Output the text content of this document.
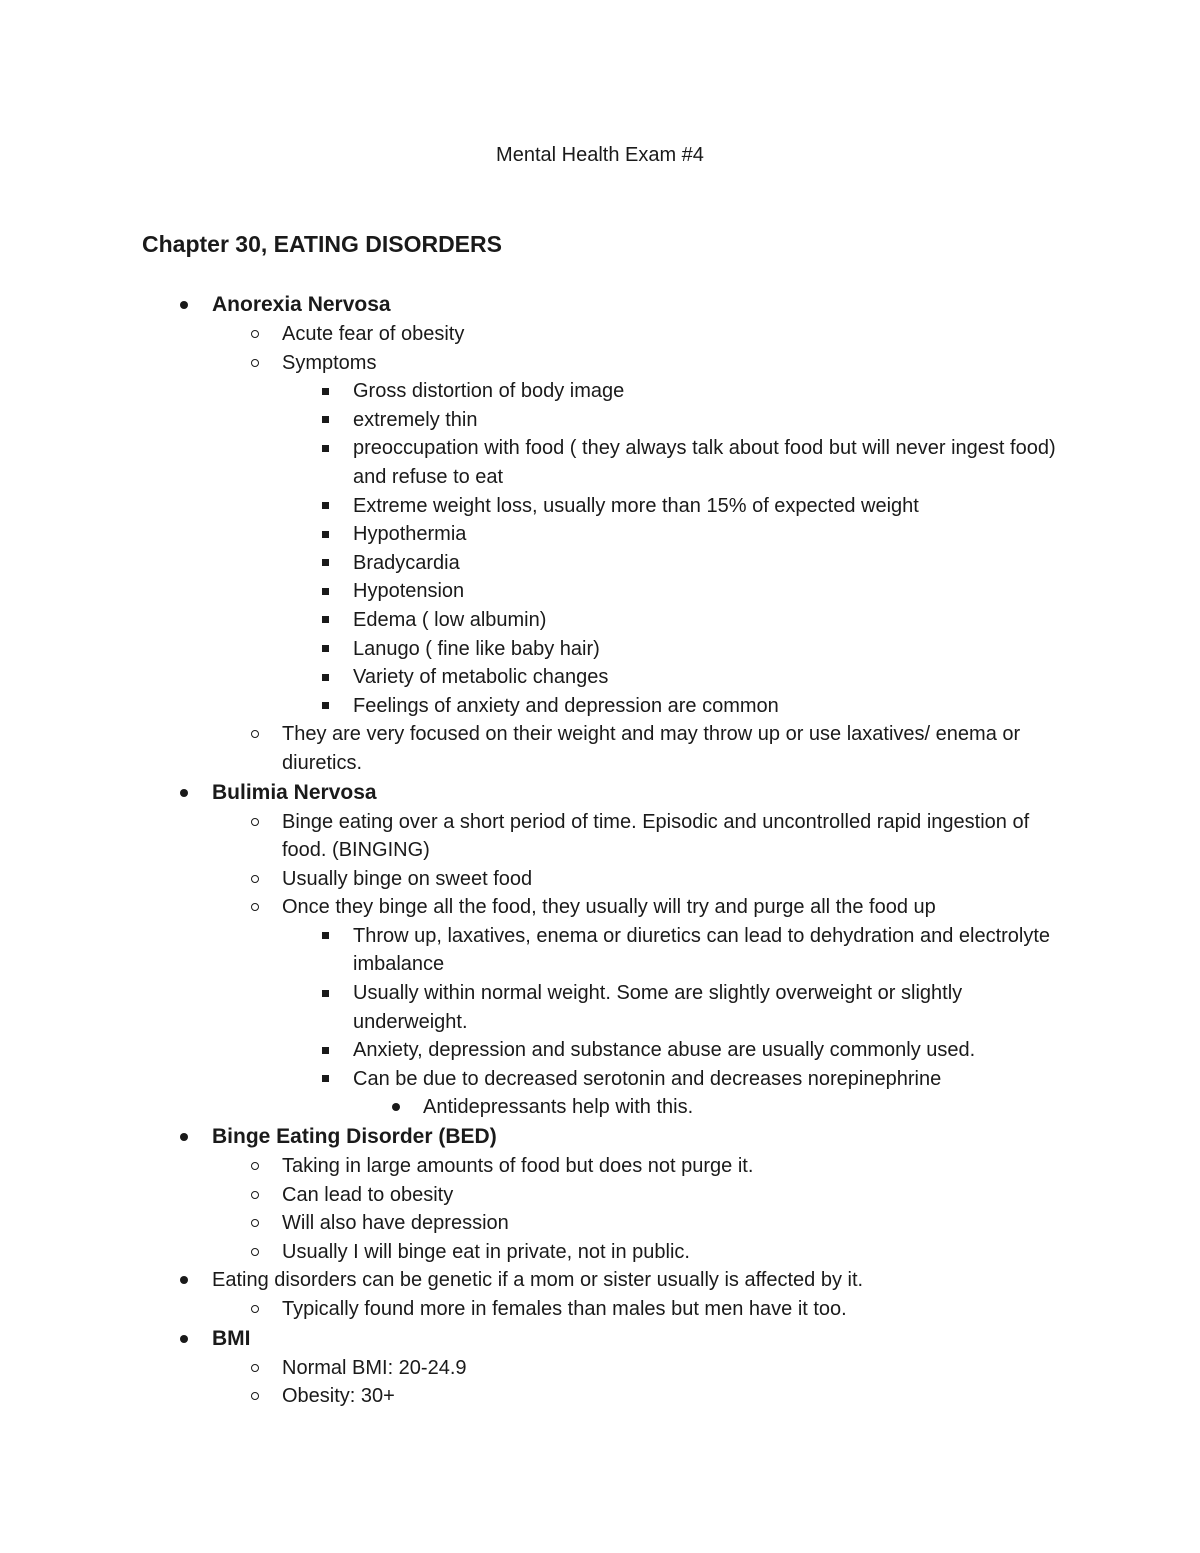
Mental Health Exam #4
Chapter 30, EATING DISORDERS
Anorexia Nervosa
Acute fear of obesity
Symptoms
Gross distortion of body image
extremely thin
preoccupation with food ( they always talk about food but will never ingest food) and refuse to eat
Extreme weight loss, usually more than 15% of expected weight
Hypothermia
Bradycardia
Hypotension
Edema ( low albumin)
Lanugo ( fine like baby hair)
Variety of metabolic changes
Feelings of anxiety and depression are common
They are very focused on their weight and may throw up or use laxatives/ enema or diuretics.
Bulimia Nervosa
Binge eating over a short period of time. Episodic and uncontrolled rapid ingestion of food. (BINGING)
Usually binge on sweet food
Once they binge all the food, they usually will try and purge all the food up
Throw up, laxatives, enema or diuretics can lead to dehydration and electrolyte imbalance
Usually within normal weight. Some are slightly overweight or slightly underweight.
Anxiety, depression and substance abuse are usually commonly used.
Can be due to decreased serotonin and decreases norepinephrine
Antidepressants help with this.
Binge Eating Disorder (BED)
Taking in large amounts of food but does not purge it.
Can lead to obesity
Will also have depression
Usually I will binge eat in private, not in public.
Eating disorders can be genetic if a mom or sister usually is affected by it.
Typically found more in females than males but men have it too.
BMI
Normal BMI: 20-24.9
Obesity: 30+
